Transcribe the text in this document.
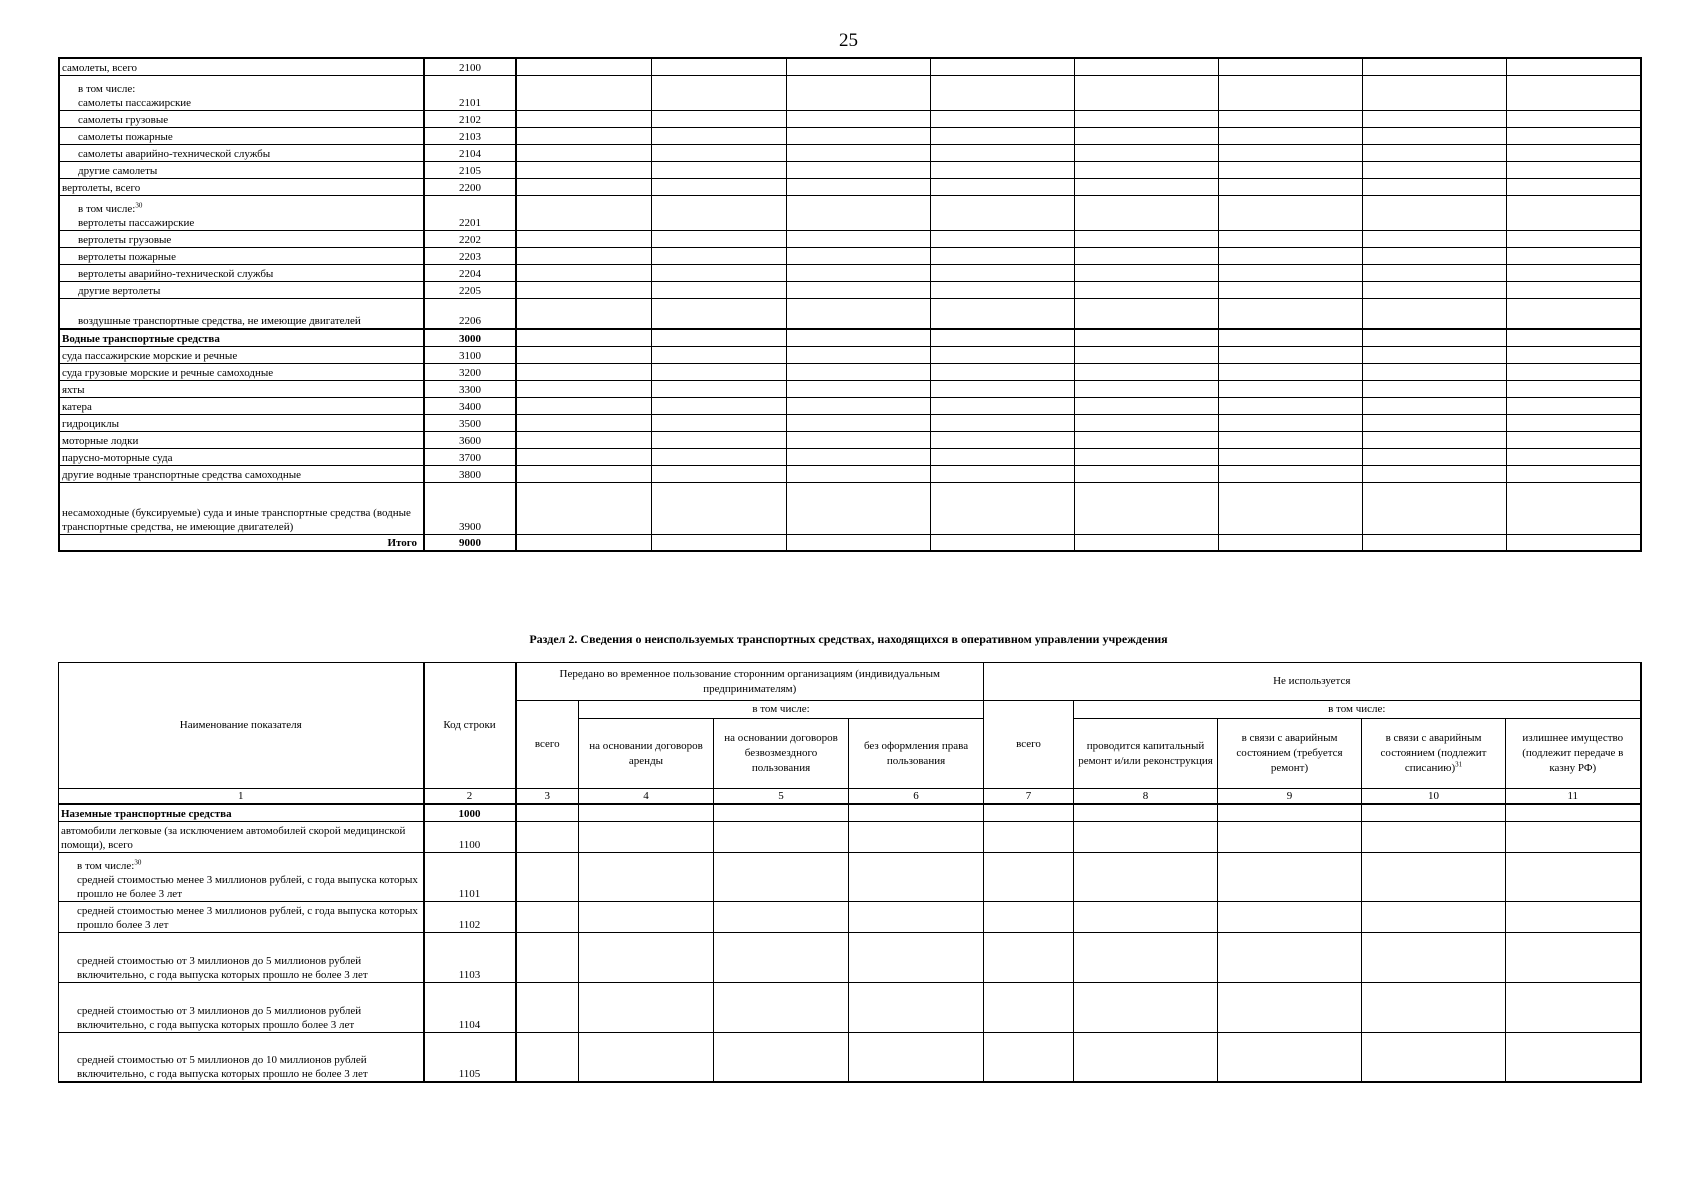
25
самолеты, всего	2100								

в том числе:
самолеты пассажирские	2101								
самолеты грузовые	2102								
самолеты пожарные	2103								
самолеты аварийно-технической службы	2104								
другие самолеты	2105								
вертолеты, всего	2200								

в том числе:$^{30}$
вертолеты пассажирские	2201								
вертолеты грузовые	2202								
вертолеты пожарные	2203								
вертолеты аварийно-технической службы	2204								
другие вертолеты	2205								
воздушные транспортные средства, не имеющие двигателей	2206								
Водные транспортные средства	3000								
суда пассажирские морские и речные	3100								
суда грузовые морские и речные самоходные	3200								
яхты	3300								
катера	3400								
гидроциклы	3500								
моторные лодки	3600								
парусно-моторные суда	3700								
другие водные транспортные средства самоходные	3800								
несамоходные (буксируемые) суда и иные транспортные средства (водные транспортные средства, не имеющие двигателей)	3900								
Итого	9000								
Раздел 2. Сведения о неиспользуемых транспортных средствах, находящихся в оперативном управлении учреждения
Наименование показателя	Код строки	Передано во временное пользование сторонним организациям (индивидуальным предпринимателям)				Не используется				
		всего	в том числе:			всего	в том числе:			
			на основании договоров аренды	на основании договоров безвозмездного пользования	без оформления права пользования		проводится капитальный ремонт и/или реконструкция	в связи с аварийным состоянием (требуется ремонт)	в связи с аварийным состоянием (подлежит списанию)$^{31}$	излишнее имущество (подлежит передаче в казну РФ)
1	2	3	4	5	6	7	8	9	10	11
Наземные транспортные средства	1000									
автомобили легковые (за исключением автомобилей скорой медицинской помощи), всего	1100									

в том числе:$^{30}$
средней стоимостью менее 3 миллионов рублей, с года выпуска которых прошло не более 3 лет	1101									
средней стоимостью менее 3 миллионов рублей, с года выпуска которых прошло более 3 лет	1102									
средней стоимостью от 3 миллионов до 5 миллионов рублей включительно, с года выпуска которых прошло не более 3 лет	1103									
средней стоимостью от 3 миллионов до 5 миллионов рублей включительно, с года выпуска которых прошло более 3 лет	1104									
средней стоимостью от 5 миллионов до 10 миллионов рублей включительно, с года выпуска которых прошло не более 3 лет	1105									
